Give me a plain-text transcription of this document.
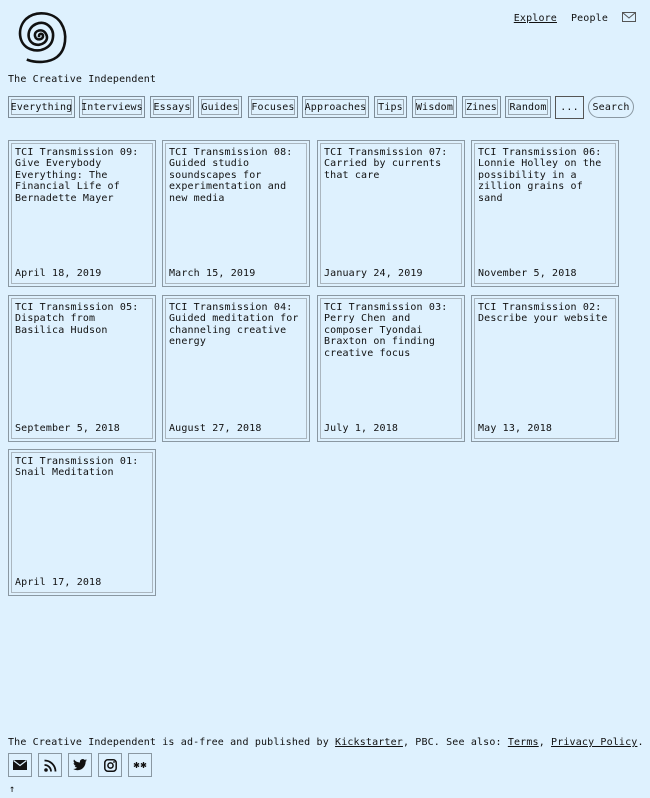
The Creative Independent
Explore People
Everything Interviews	Essays	Guides	Focuses	Approaches	Tips	Wisdom	Zines	Random	...	Search
TCI Transmission 09: Give Everybody Everything: The Financial Life of Bernadette Mayer
April 18, 2019
TCI Transmission 08: Guided studio soundscapes for experimentation and new media
March 15, 2019
TCI Transmission 07: Carried by currents that care
January 24, 2019
TCI Transmission 06: Lonnie Holley on the possibility in a zillion grains of sand
November 5, 2018
TCI Transmission 05: Dispatch from Basilica Hudson
September 5, 2018
TCI Transmission 04: Guided meditation for channeling creative energy
August 27, 2018
TCI Transmission 03: Perry Chen and composer Tyondai Braxton on finding creative focus
July 1, 2018
TCI Transmission 02: Describe your website
May 13, 2018
TCI Transmission 01: Snail Meditation
April 17, 2018
The Creative Independent is ad-free and published by Kickstarter, PBC. See also: Terms, Privacy Policy.
↑
